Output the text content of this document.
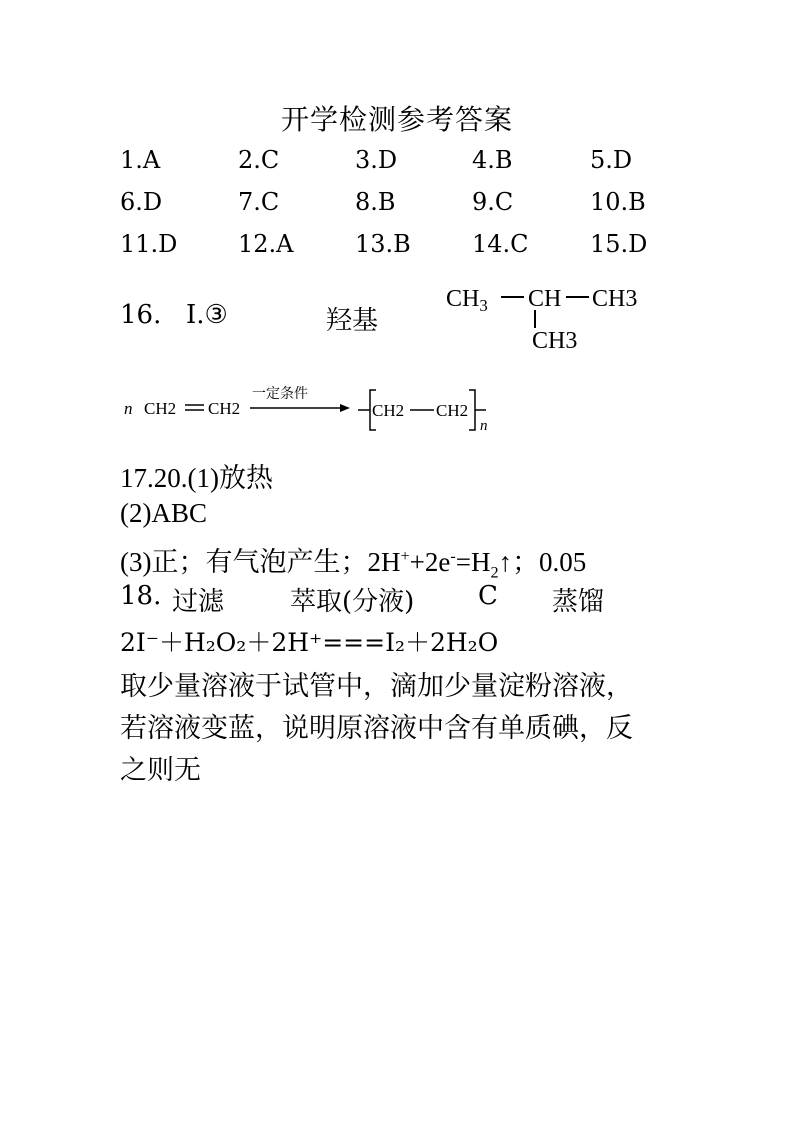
开学检测参考答案
1.A	2.C	3.D	4.B	5.D
6.D	7.C	8.B	9.C	10.B
11.D	12.A	13.B	14.C	15.D
16. Ⅰ.③	羟基
$CH_3$ CH CH3
CH3
n CH2 CH2	CH2 CH2
n
一定条件
17.20.(1)放热
(2)ABC
(3)正；有气泡产生；$2H^++2e^-=H_2↑$；0.05
18. 过滤	萃取(分液) C 蒸馏
2I⁻＋H₂O₂＋2H⁺===I₂＋2H₂O
取少量溶液于试管中，滴加少量淀粉溶液，
若溶液变蓝，说明原溶液中含有单质碘，反
之则无
